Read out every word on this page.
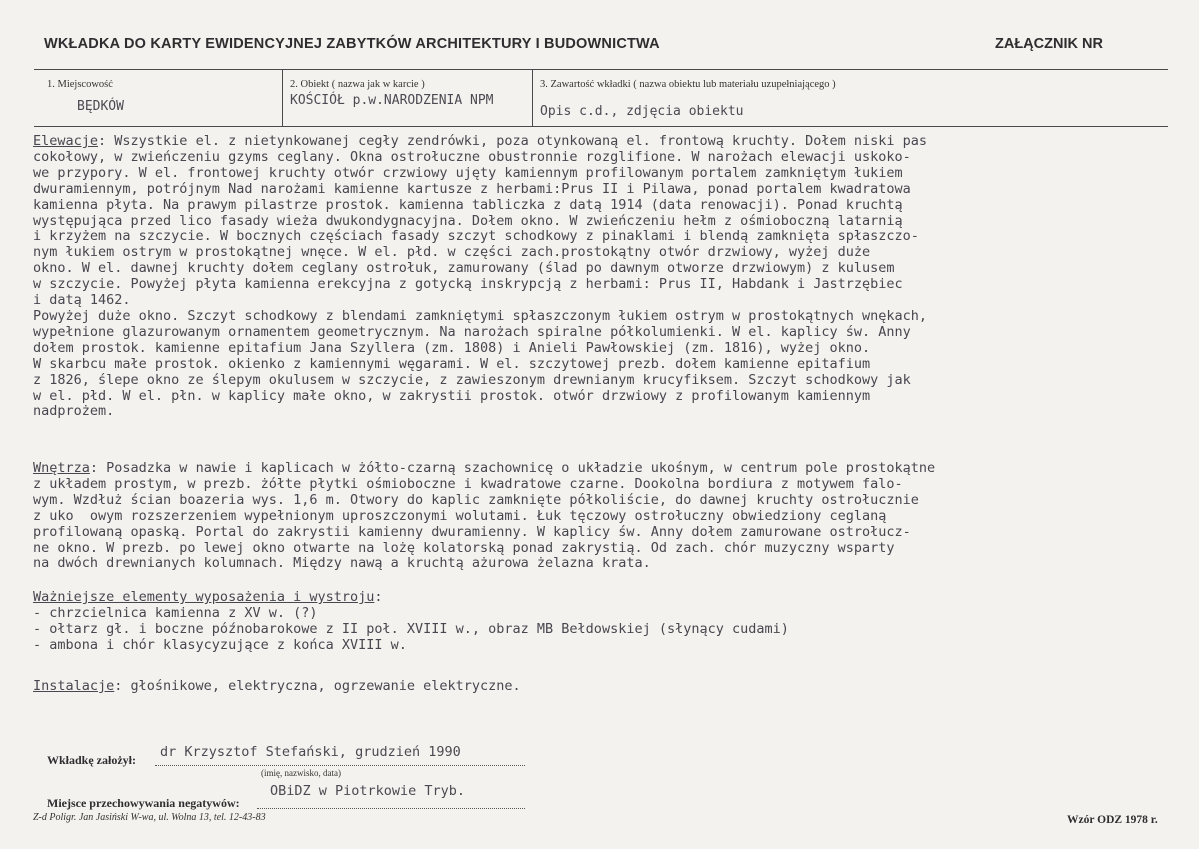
WKŁADKA DO KARTY EWIDENCYJNEJ ZABYTKÓW ARCHITEKTURY I BUDOWNICTWA	ZAŁĄCZNIK NR
1. Miejscowość
BĘDKÓW
2. Obiekt ( nazwa jak w karcie )
KOŚCIÓŁ p.w.NARODZENIA NPM
3. Zawartość wkładki ( nazwa obiektu lub materiału uzupełniającego )
Opis c.d., zdjęcia obiektu
Elewacje: Wszystkie el. z nietynkowanej cegły zendrówki, poza otynkowaną el. frontową kruchty. Dołem niski pas
cokołowy, w zwieńczeniu gzyms ceglany. Okna ostrołuczne obustronnie rozglifione. W narożach elewacji uskoko-
we przypory. W el. frontowej kruchty otwór crzwiowy ujęty kamiennym profilowanym portalem zamkniętym łukiem
dwuramiennym, potrójnym Nad narożami kamienne kartusze z herbami:Prus II i Pilawa, ponad portalem kwadratowa
kamienna płyta. Na prawym pilastrze prostok. kamienna tabliczka z datą 1914 (data renowacji). Ponad kruchtą
występująca przed lico fasady wieża dwukondygnacyjna. Dołem okno. W zwieńczeniu hełm z ośmioboczną latarnią
i krzyżem na szczycie. W bocznych częściach fasady szczyt schodkowy z pinaklami i blendą zamknięta spłaszczo-
nym łukiem ostrym w prostokątnej wnęce. W el. płd. w części zach.prostokątny otwór drzwiowy, wyżej duże
okno. W el. dawnej kruchty dołem ceglany ostrołuk, zamurowany (ślad po dawnym otworze drzwiowym) z kulusem
w szczycie. Powyżej płyta kamienna erekcyjna z gotycką inskrypcją z herbami: Prus II, Habdank i Jastrzębiec
i datą 1462.
Powyżej duże okno. Szczyt schodkowy z blendami zamkniętymi spłaszczonym łukiem ostrym w prostokątnych wnękach,
wypełnione glazurowanym ornamentem geometrycznym. Na narożach spiralne półkolumienki. W el. kaplicy św. Anny
dołem prostok. kamienne epitafium Jana Szyllera (zm. 1808) i Anieli Pawłowskiej (zm. 1816), wyżej okno.
W skarbcu małe prostok. okienko z kamiennymi węgarami. W el. szczytowej prezb. dołem kamienne epitafium
z 1826, ślepe okno ze ślepym okulusem w szczycie, z zawieszonym drewnianym krucyfiksem. Szczyt schodkowy jak
w el. płd. W el. płn. w kaplicy małe okno, w zakrystii prostok. otwór drzwiowy z profilowanym kamiennym
nadprożem.
Wnętrza: Posadzka w nawie i kaplicach w żółto-czarną szachownicę o układzie ukośnym, w centrum pole prostokątne
z układem prostym, w prezb. żółte płytki ośmioboczne i kwadratowe czarne. Dookolna bordiura z motywem falo-
wym. Wzdłuż ścian boazeria wys. 1,6 m. Otwory do kaplic zamknięte półkoliście, do dawnej kruchty ostrołucznie
z uko  owym rozszerzeniem wypełnionym uproszczonymi wolutami. Łuk tęczowy ostrołuczny obwiedziony ceglaną
profilowaną opaską. Portal do zakrystii kamienny dwuramienny. W kaplicy św. Anny dołem zamurowane ostrołucz-
ne okno. W prezb. po lewej okno otwarte na lożę kolatorską ponad zakrystią. Od zach. chór muzyczny wsparty
na dwóch drewnianych kolumnach. Między nawą a kruchtą ażurowa żelazna krata.
Ważniejsze elementy wyposażenia i wystroju:
- chrzcielnica kamienna z XV w. (?)
- ołtarz gł. i boczne późnobarokowe z II poł. XVIII w., obraz MB Bełdowskiej (słynący cudami)
- ambona i chór klasycyzujące z końca XVIII w.
Instalacje: głośnikowe, elektryczna, ogrzewanie elektryczne.
Wkładkę założył: dr Krzysztof Stefański, grudzień 1990
(imię, nazwisko, data)
Miejsce przechowywania negatywów:
OBiDZ w Piotrkowie Tryb.
Z-d Poligr. Jan Jasiński W-wa, ul. Wolna 13, tel. 12-43-83	Wzór ODZ 1978 r.
